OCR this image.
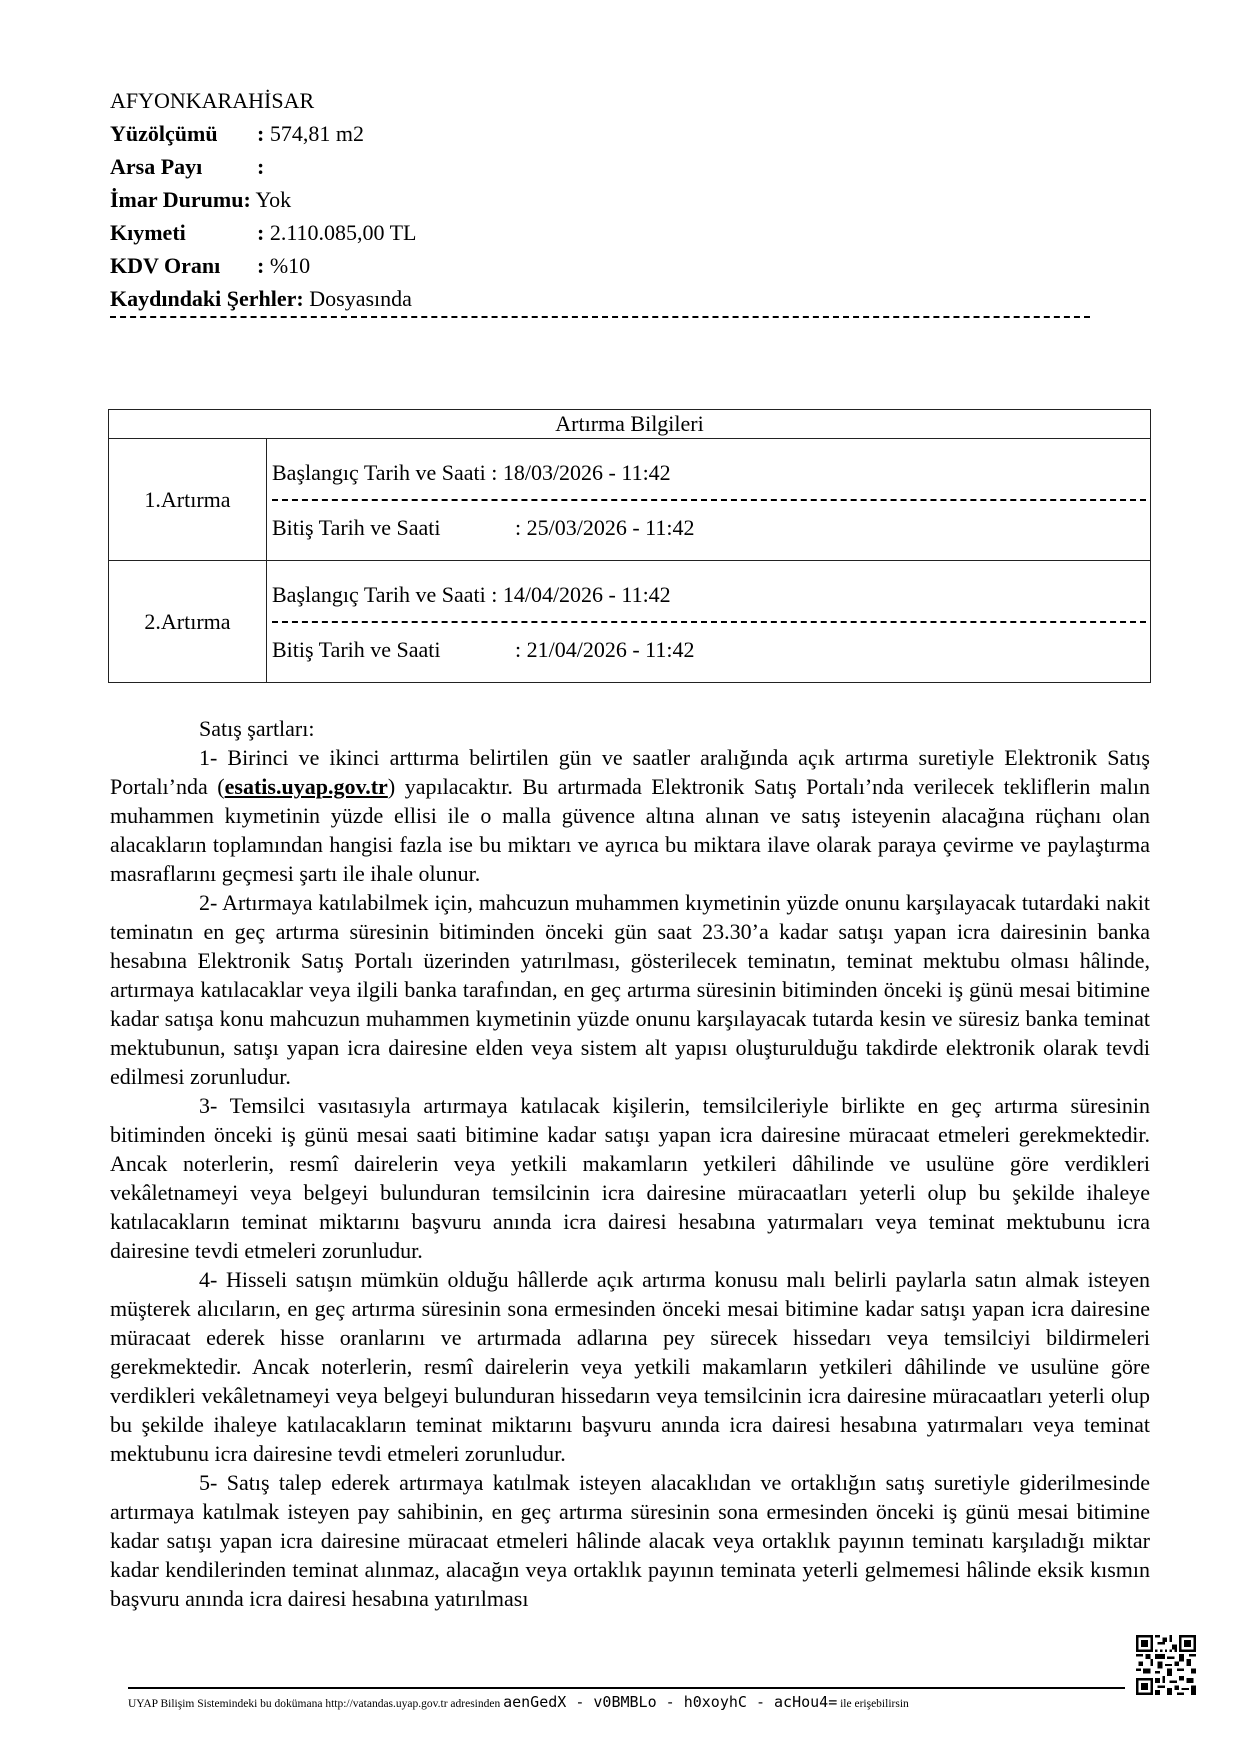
AFYONKARAHİSAR
Yüzölçümü : 574,81 m2
Arsa Payı :
İmar Durumu: Yok
Kıymeti	: 2.110.085,00 TL
KDV Oranı : %10
Kaydındaki Şerhler: Dosyasında
Artırma Bilgileri	
1.Artırma	Başlangıç Tarih ve Saati : 18/03/2026 - 11:42
Bitiş Tarih ve Saati : 25/03/2026 - 11:42

2.Artırma	Başlangıç Tarih ve Saati : 14/04/2026 - 11:42
Bitiş Tarih ve Saati : 21/04/2026 - 11:42

Satış şartları:

1- Birinci ve ikinci arttırma belirtilen gün ve saatler aralığında açık artırma suretiyle Elektronik Satış Portalı’nda (esatis.uyap.gov.tr) yapılacaktır. Bu artırmada Elektronik Satış Portalı’nda verilecek tekliflerin malın muhammen kıymetinin yüzde ellisi ile o malla güvence altına alınan ve satış isteyenin alacağına rüçhanı olan alacakların toplamından hangisi fazla ise bu miktarı ve ayrıca bu miktara ilave olarak paraya çevirme ve paylaştırma masraflarını geçmesi şartı ile ihale olunur.

2- Artırmaya katılabilmek için, mahcuzun muhammen kıymetinin yüzde onunu karşılayacak tutardaki nakit teminatın en geç artırma süresinin bitiminden önceki gün saat 23.30’a kadar satışı yapan icra dairesinin banka hesabına Elektronik Satış Portalı üzerinden yatırılması, gösterilecek teminatın, teminat mektubu olması hâlinde, artırmaya katılacaklar veya ilgili banka tarafından, en geç artırma süresinin bitiminden önceki iş günü mesai bitimine kadar satışa konu mahcuzun muhammen kıymetinin yüzde onunu karşılayacak tutarda kesin ve süresiz banka teminat mektubunun, satışı yapan icra dairesine elden veya sistem alt yapısı oluşturulduğu takdirde elektronik olarak tevdi edilmesi zorunludur.

3- Temsilci vasıtasıyla artırmaya katılacak kişilerin, temsilcileriyle birlikte en geç artırma süresinin bitiminden önceki iş günü mesai saati bitimine kadar satışı yapan icra dairesine müracaat etmeleri gerekmektedir. Ancak noterlerin, resmî dairelerin veya yetkili makamların yetkileri dâhilinde ve usulüne göre verdikleri vekâletnameyi veya belgeyi bulunduran temsilcinin icra dairesine müracaatları yeterli olup bu şekilde ihaleye katılacakların teminat miktarını başvuru anında icra dairesi hesabına yatırmaları veya teminat mektubunu icra dairesine tevdi etmeleri zorunludur.

4- Hisseli satışın mümkün olduğu hâllerde açık artırma konusu malı belirli paylarla satın almak isteyen müşterek alıcıların, en geç artırma süresinin sona ermesinden önceki mesai bitimine kadar satışı yapan icra dairesine müracaat ederek hisse oranlarını ve artırmada adlarına pey sürecek hissedarı veya temsilciyi bildirmeleri gerekmektedir. Ancak noterlerin, resmî dairelerin veya yetkili makamların yetkileri dâhilinde ve usulüne göre verdikleri vekâletnameyi veya belgeyi bulunduran hissedarın veya temsilcinin icra dairesine müracaatları yeterli olup bu şekilde ihaleye katılacakların teminat miktarını başvuru anında icra dairesi hesabına yatırmaları veya teminat mektubunu icra dairesine tevdi etmeleri zorunludur.

5- Satış talep ederek artırmaya katılmak isteyen alacaklıdan ve ortaklığın satış suretiyle giderilmesinde artırmaya katılmak isteyen pay sahibinin, en geç artırma süresinin sona ermesinden önceki iş günü mesai bitimine kadar satışı yapan icra dairesine müracaat etmeleri hâlinde alacak veya ortaklık payının teminatı karşıladığı miktar kadar kendilerinden teminat alınmaz, alacağın veya ortaklık payının teminata yeterli gelmemesi hâlinde eksik kısmın başvuru anında icra dairesi hesabına yatırılması

UYAP Bilişim Sistemindeki bu dokümana http://vatandas.uyap.gov.tr adresinden aenGedX - v0BMBLo - h0xoyhC - acHou4= ile erişebilirsin
